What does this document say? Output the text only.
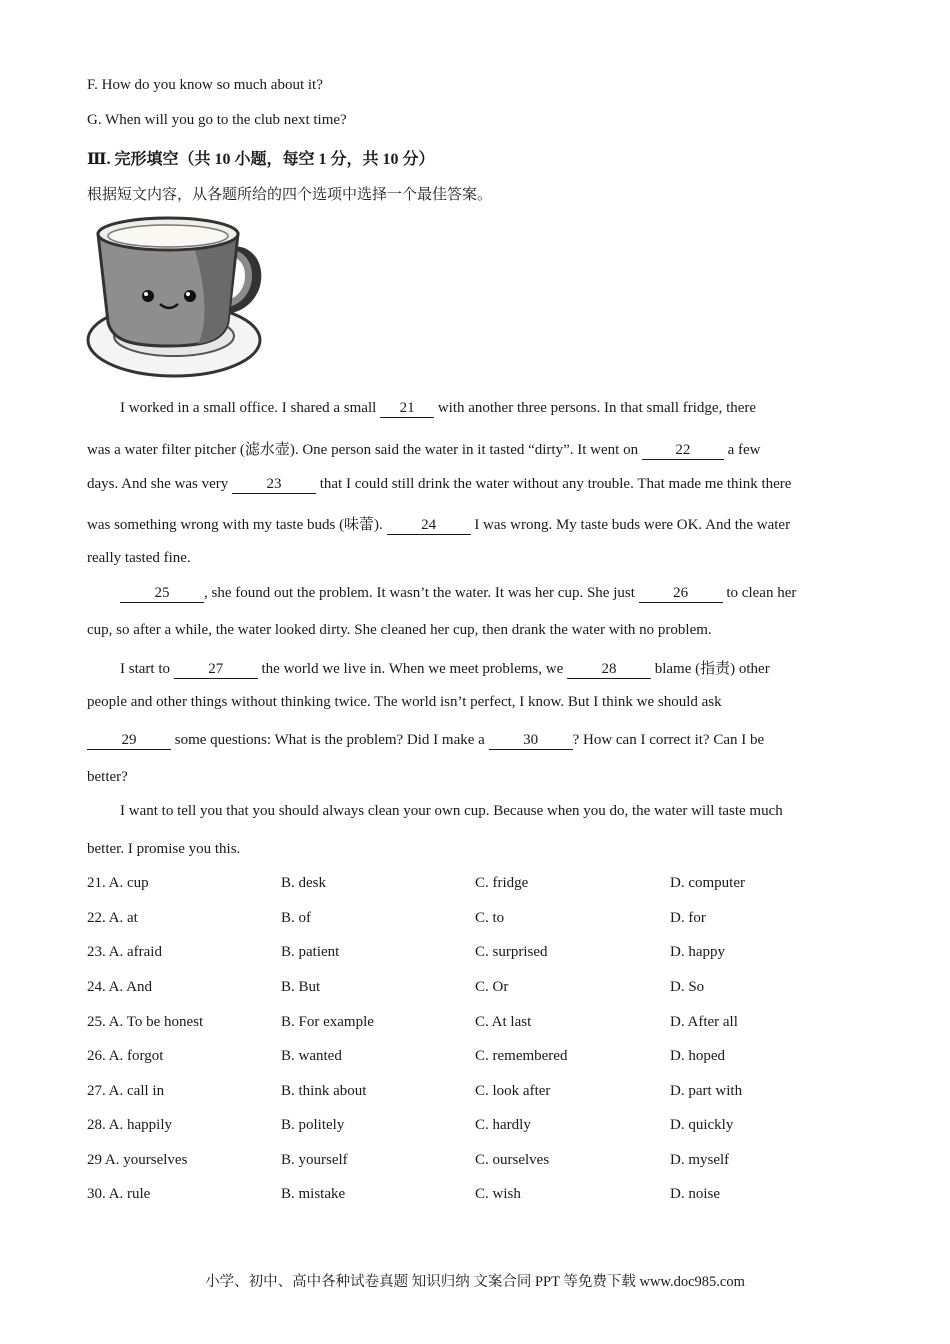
F. How do you know so much about it?
G. When will you go to the club next time?
Ⅲ. 完形填空（共 10 小题，每空 1 分，共 10 分）
根据短文内容，从各题所给的四个选项中选择一个最佳答案。
I worked in a small office. I shared a small 21 with another three persons. In that small fridge, there
was a water filter pitcher (滤水壶). One person said the water in it tasted “dirty”. It went on 22 a few
days. And she was very 23 that I could still drink the water without any trouble. That made me think there
was something wrong with my taste buds (味蕾). 24 I was wrong. My taste buds were OK. And the water
really tasted fine.
25 , she found out the problem. It wasn’t the water. It was her cup. She just 26 to clean her
cup, so after a while, the water looked dirty. She cleaned her cup, then drank the water with no problem.
I start to 27 the world we live in. When we meet problems, we 28 blame (指责) other
people and other things without thinking twice. The world isn’t perfect, I know. But I think we should ask
29 some questions: What is the problem? Did I make a 30 ? How can I correct it? Can I be
better?
I want to tell you that you should always clean your own cup. Because when you do, the water will taste much
better. I promise you this.
21. A. cup	B. desk	C. fridge	D. computer
22. A. at	B. of	C. to	D. for
23. A. afraid	B. patient	C. surprised	D. happy
24. A. And	B. But	C. Or	D. So
25. A. To be honest	B. For example	C. At last	D. After all
26. A. forgot	B. wanted	C. remembered	D. hoped
27. A. call in	B. think about	C. look after	D. part with
28. A. happily	B. politely	C. hardly	D. quickly
29 A. yourselves	B. yourself	C. ourselves	D. myself
30. A. rule	B. mistake	C. wish	D. noise
小学、初中、高中各种试卷真题 知识归纳 文案合同 PPT 等免费下载 www.doc985.com
